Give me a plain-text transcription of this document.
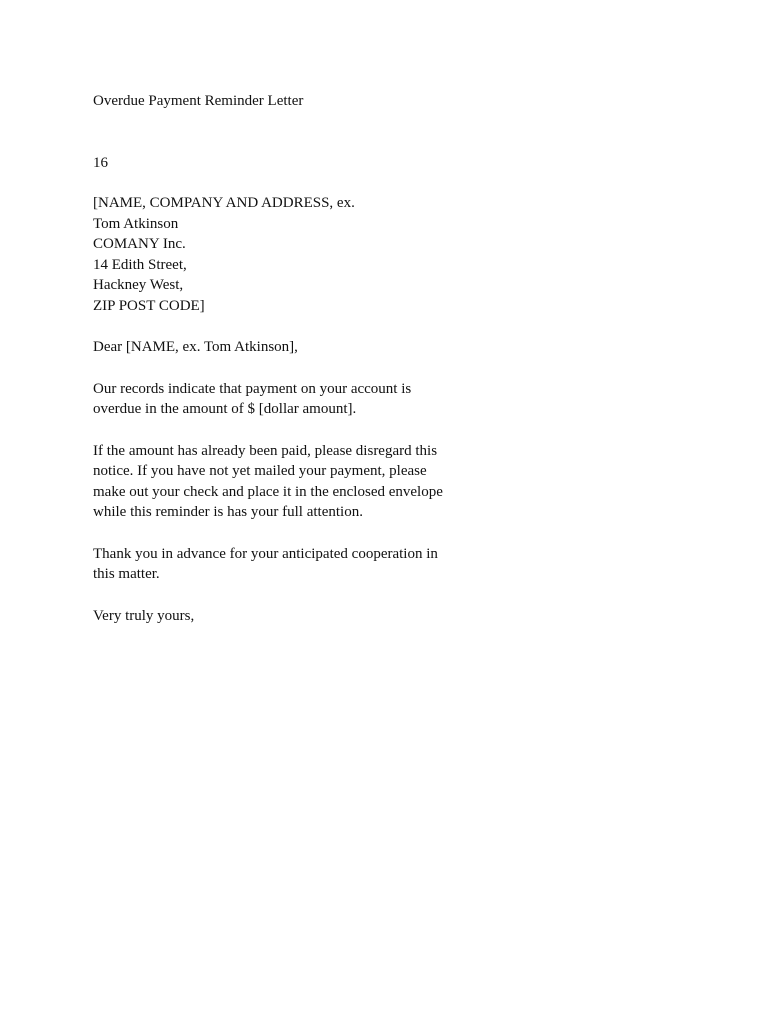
Overdue Payment Reminder Letter
16
[NAME, COMPANY AND ADDRESS, ex.
Tom Atkinson
COMANY Inc.
14 Edith Street,
Hackney West,
ZIP POST CODE]
Dear [NAME, ex. Tom Atkinson],
Our records indicate that payment on your account is
overdue in the amount of $ [dollar amount].
If the amount has already been paid, please disregard this
notice. If you have not yet mailed your payment, please
make out your check and place it in the enclosed envelope
while this reminder is has your full attention.
Thank you in advance for your anticipated cooperation in
this matter.
Very truly yours,
